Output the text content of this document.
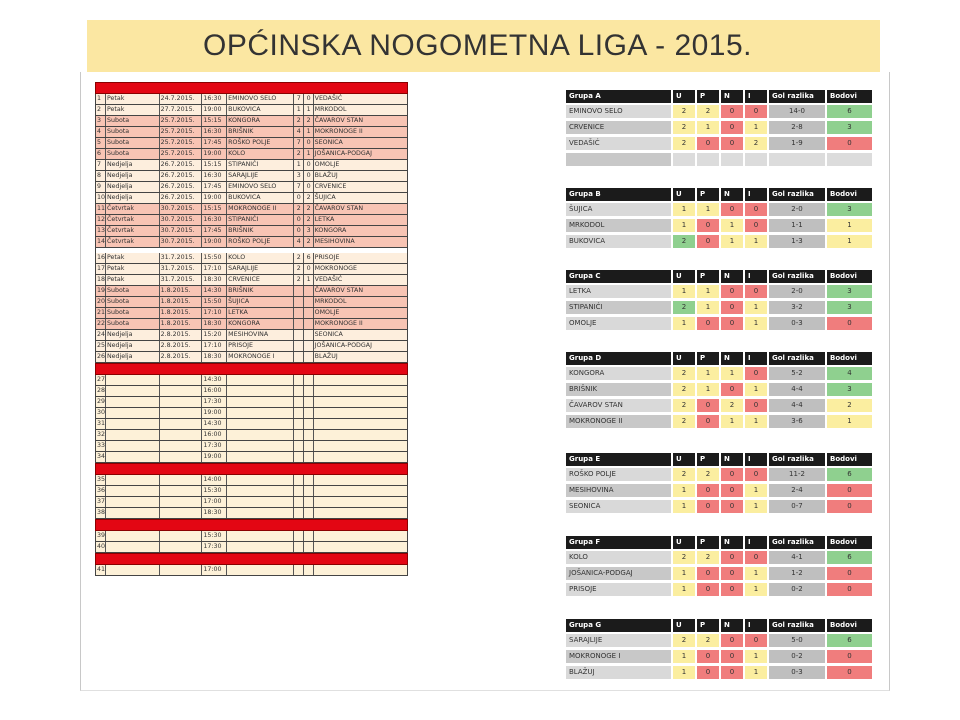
OPĆINSKA NOGOMETNA LIGA - 2015.
1 Petak	24.7.2015.	16:30	EMINOVO SELO	7 0 VEDAŠIĆ
2 Petak	27.7.2015.	19:00	BUKOVICA	1 1 MRKODOL
3 Subota	25.7.2015.	15:15	KONGORA	2 2 ČAVAROV STAN
4 Subota	25.7.2015.	16:30	BRIŠNIK	4 1 MOKRONOGE II
5 Subota	25.7.2015.	17:45	ROŠKO POLJE	7 0 SEONICA
6 Subota	25.7.2015.	19:00	KOLO	2 1 JOŠANICA-PODGAJ
7 Nedjelja	26.7.2015.	15:15	STIPANIĆI	1 0 OMOLJE
8 Nedjelja	26.7.2015.	16:30	SARAJLIJE	3 0 BLAŽUJ
9 Nedjelja	26.7.2015.	17:45	EMINOVO SELO	7 0 CRVENICE
10 Nedjelja	26.7.2015.	19:00	BUKOVICA	0 2 ŠUJICA
11 Četvrtak	30.7.2015.	15:15	MOKRONOGE II	2 2 ČAVAROV STAN
12 Četvrtak	30.7.2015.	16:30	STIPANIĆI	0 2 LETKA
13 Četvrtak	30.7.2015.	17:45	BRIŠNIK	0 3 KONGORA
14 Četvrtak	30.7.2015.	19:00	ROŠKO POLJE	4 2 MESIHOVINA
16 Petak	31.7.2015.	15:50	KOLO	2 6 PRISOJE
17 Petak	31.7.2015.	17:10	SARAJLIJE	2 0 MOKRONOGE
18 Petak	31.7.2015.	18:30	CRVENICE	2 1 VEDAŠIĆ
19 Subota	1.8.2015.	14:30	BRIŠNIK	ČAVAROV STAN
20 Subota	1.8.2015.	15:50	ŠUJICA	MRKODOL
21 Subota	1.8.2015.	17:10	LETKA	OMOLJE
22 Subota	1.8.2015.	18:30	KONGORA	MOKRONOGE II
24 Nedjelja	2.8.2015.	15:20	MESIHOVINA	SEONICA
25 Nedjelja	2.8.2015.	17:10	PRISOJE	JOŠANICA-PODGAJ
26 Nedjelja	2.8.2015.	18:30	MOKRONOGE I	BLAŽUJ
27	14:30
28	16:00
29	17:30
30	19:00
31	14:30
32	16:00
33	17:30
34	19:00
35	14:00
36	15:30
37	17:00
38	18:30
39	15:30
40	17:30
41	17:00
Grupa A	U	P	N	I	Gol razlika	Bodovi
EMINOVO SELO	2	2	0	0	14-0	6
CRVENICE	2	1	0	1	2-8	3
VEDAŠIĆ	2	0	0	2	1-9	0
Grupa B	U	P	N	I	Gol razlika	Bodovi
ŠUJICA	1	1	0	0	2-0	3
MRKODOL	1	0	1	0	1-1	1
BUKOVICA	2	0	1	1	1-3	1
Grupa C	U	P	N	I	Gol razlika	Bodovi
LETKA	1	1	0	0	2-0	3
STIPANIĆI	2	1	0	1	3-2	3
OMOLJE	1	0	0	1	0-3	0
Grupa D	U	P	N	I	Gol razlika	Bodovi
KONGORA	2	1	1	0	5-2	4
BRIŠNIK	2	1	0	1	4-4	3
ČAVAROV STAN	2	0	2	0	4-4	2
MOKRONOGE II	2	0	1	1	3-6	1
Grupa E	U	P	N	I	Gol razlika	Bodovi
ROŠKO POLJE	2	2	0	0	11-2	6
MESIHOVINA	1	0	0	1	2-4	0
SEONICA	1	0	0	1	0-7	0
Grupa F	U	P	N	I	Gol razlika	Bodovi
KOLO	2	2	0	0	4-1	6
JOŠANICA-PODGAJ	1	0	0	1	1-2	0
PRISOJE	1	0	0	1	0-2	0
Grupa G	U	P	N	I	Gol razlika	Bodovi
SARAJLIJE	2	2	0	0	5-0	6
MOKRONOGE I	1	0	0	1	0-2	0
BLAŽUJ	1	0	0	1	0-3	0
